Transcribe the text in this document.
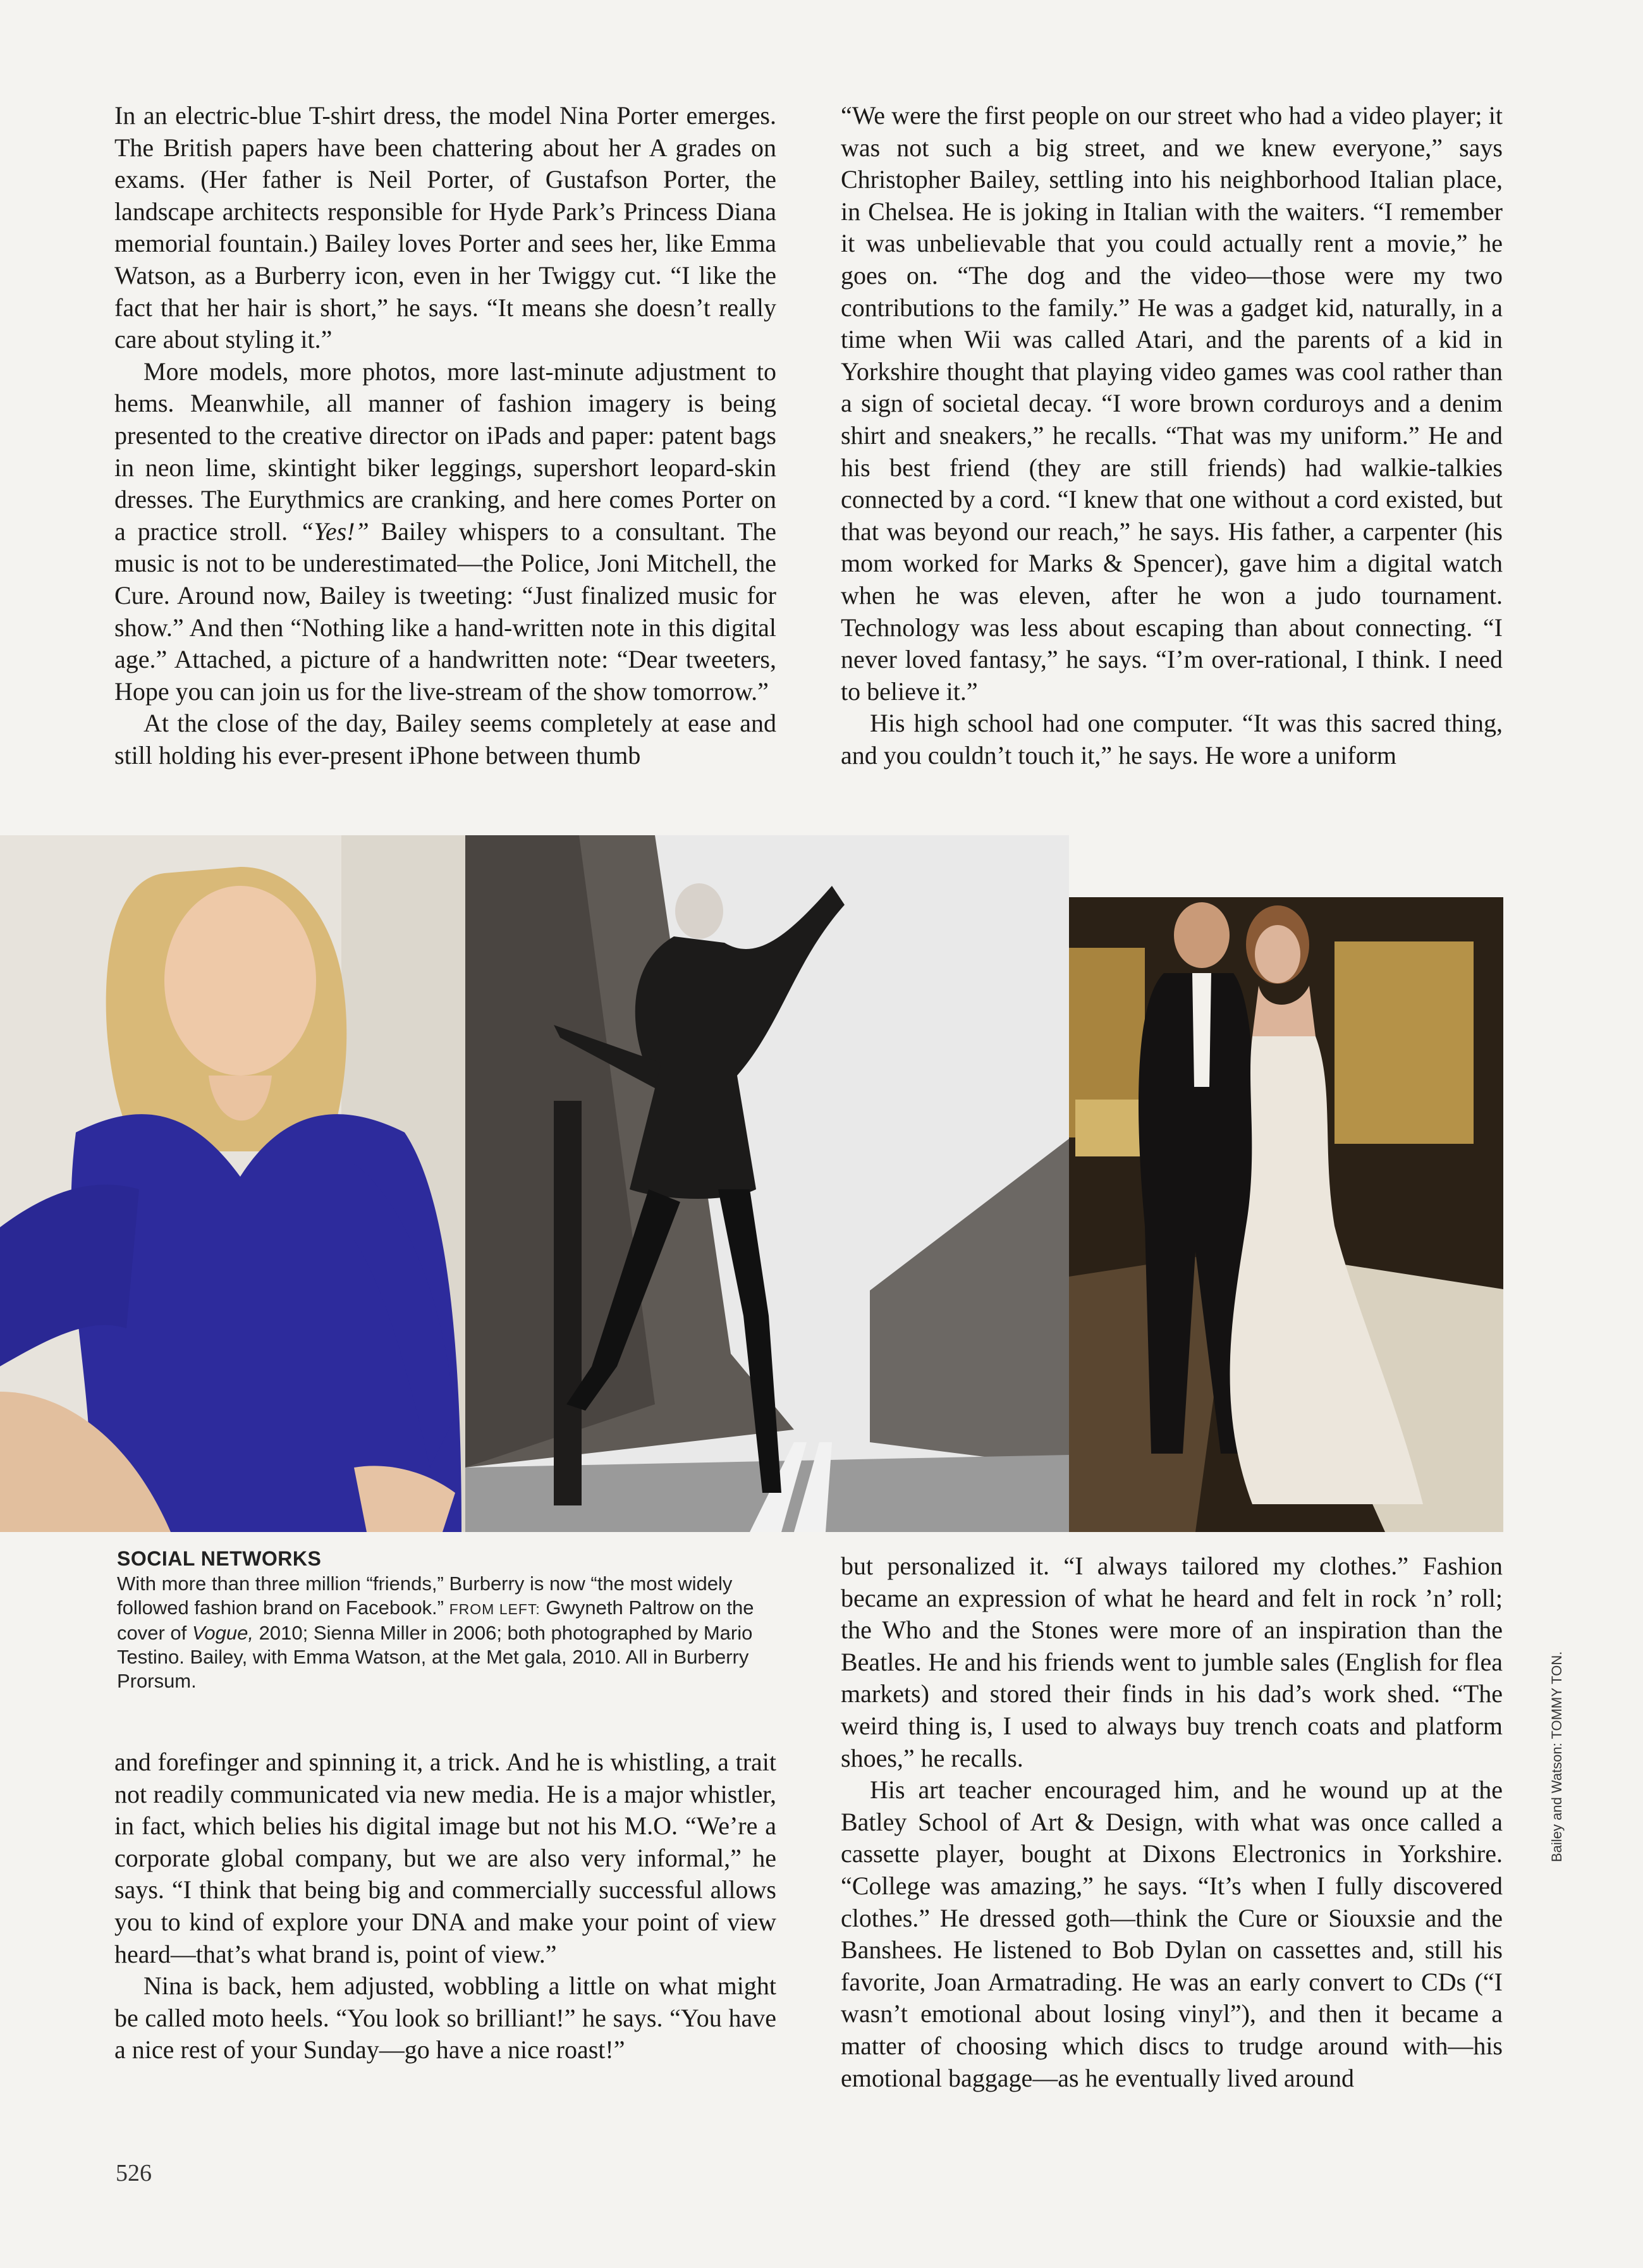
In an electric-blue T-shirt dress, the model Nina Porter emerges. The British papers have been chattering about her A grades on exams. (Her father is Neil Porter, of Gustafson Porter, the landscape architects responsible for Hyde Park’s Princess Diana memorial fountain.) Bailey loves Porter and sees her, like Emma Watson, as a Burberry icon, even in her Twiggy cut. “I like the fact that her hair is short,” he says. “It means she doesn’t really care about styling it.”

More models, more photos, more last-minute adjustment to hems. Meanwhile, all manner of fashion imagery is being presented to the creative director on iPads and paper: patent bags in neon lime, skintight biker leggings, supershort leopard-skin dresses. The Eurythmics are cranking, and here comes Porter on a practice stroll. “Yes!” Bailey whispers to a consultant. The music is not to be underestimated—the Police, Joni Mitchell, the Cure. Around now, Bailey is tweeting: “Just finalized music for show.” And then “Nothing like a hand-written note in this digital age.” Attached, a picture of a handwritten note: “Dear tweeters, Hope you can join us for the live-stream of the show tomorrow.”

At the close of the day, Bailey seems completely at ease and still holding his ever-present iPhone between thumb

“We were the first people on our street who had a video player; it was not such a big street, and we knew everyone,” says Christopher Bailey, settling into his neighborhood Italian place, in Chelsea. He is joking in Italian with the waiters. “I remember it was unbelievable that you could actually rent a movie,” he goes on. “The dog and the video—those were my two contributions to the family.” He was a gadget kid, naturally, in a time when Wii was called Atari, and the parents of a kid in Yorkshire thought that playing video games was cool rather than a sign of societal decay. “I wore brown corduroys and a denim shirt and sneakers,” he recalls. “That was my uniform.” He and his best friend (they are still friends) had walkie-talkies connected by a cord. “I knew that one without a cord existed, but that was beyond our reach,” he says. His father, a carpenter (his mom worked for Marks & Spencer), gave him a digital watch when he was eleven, after he won a judo tournament. Technology was less about escaping than about connecting. “I never loved fantasy,” he says. “I’m over-rational, I think. I need to believe it.”

His high school had one computer. “It was this sacred thing, and you couldn’t touch it,” he says. He wore a uniform

SOCIAL NETWORKS
With more than three million “friends,” Burberry is now “the most widely followed fashion brand on Facebook.” FROM LEFT: Gwyneth Paltrow on the cover of Vogue, 2010; Sienna Miller in 2006; both photographed by Mario Testino. Bailey, with Emma Watson, at the Met gala, 2010. All in Burberry Prorsum.

and forefinger and spinning it, a trick. And he is whistling, a trait not readily communicated via new media. He is a major whistler, in fact, which belies his digital image but not his M.O. “We’re a corporate global company, but we are also very informal,” he says. “I think that being big and commercially successful allows you to kind of explore your DNA and make your point of view heard—that’s what brand is, point of view.”

Nina is back, hem adjusted, wobbling a little on what might be called moto heels. “You look so brilliant!” he says. “You have a nice rest of your Sunday—go have a nice roast!”

but personalized it. “I always tailored my clothes.” Fashion became an expression of what he heard and felt in rock ’n’ roll; the Who and the Stones were more of an inspiration than the Beatles. He and his friends went to jumble sales (English for flea markets) and stored their finds in his dad’s work shed. “The weird thing is, I used to always buy trench coats and platform shoes,” he recalls.

His art teacher encouraged him, and he wound up at the Batley School of Art & Design, with what was once called a cassette player, bought at Dixons Electronics in Yorkshire. “College was amazing,” he says. “It’s when I fully discovered clothes.” He dressed goth—think the Cure or Siouxsie and the Banshees. He listened to Bob Dylan on cassettes and, still his favorite, Joan Armatrading. He was an early convert to CDs (“I wasn’t emotional about losing vinyl”), and then it became a matter of choosing which discs to trudge around with—his emotional baggage—as he eventually lived around

Bailey and Watson: TOMMY TON.
526
